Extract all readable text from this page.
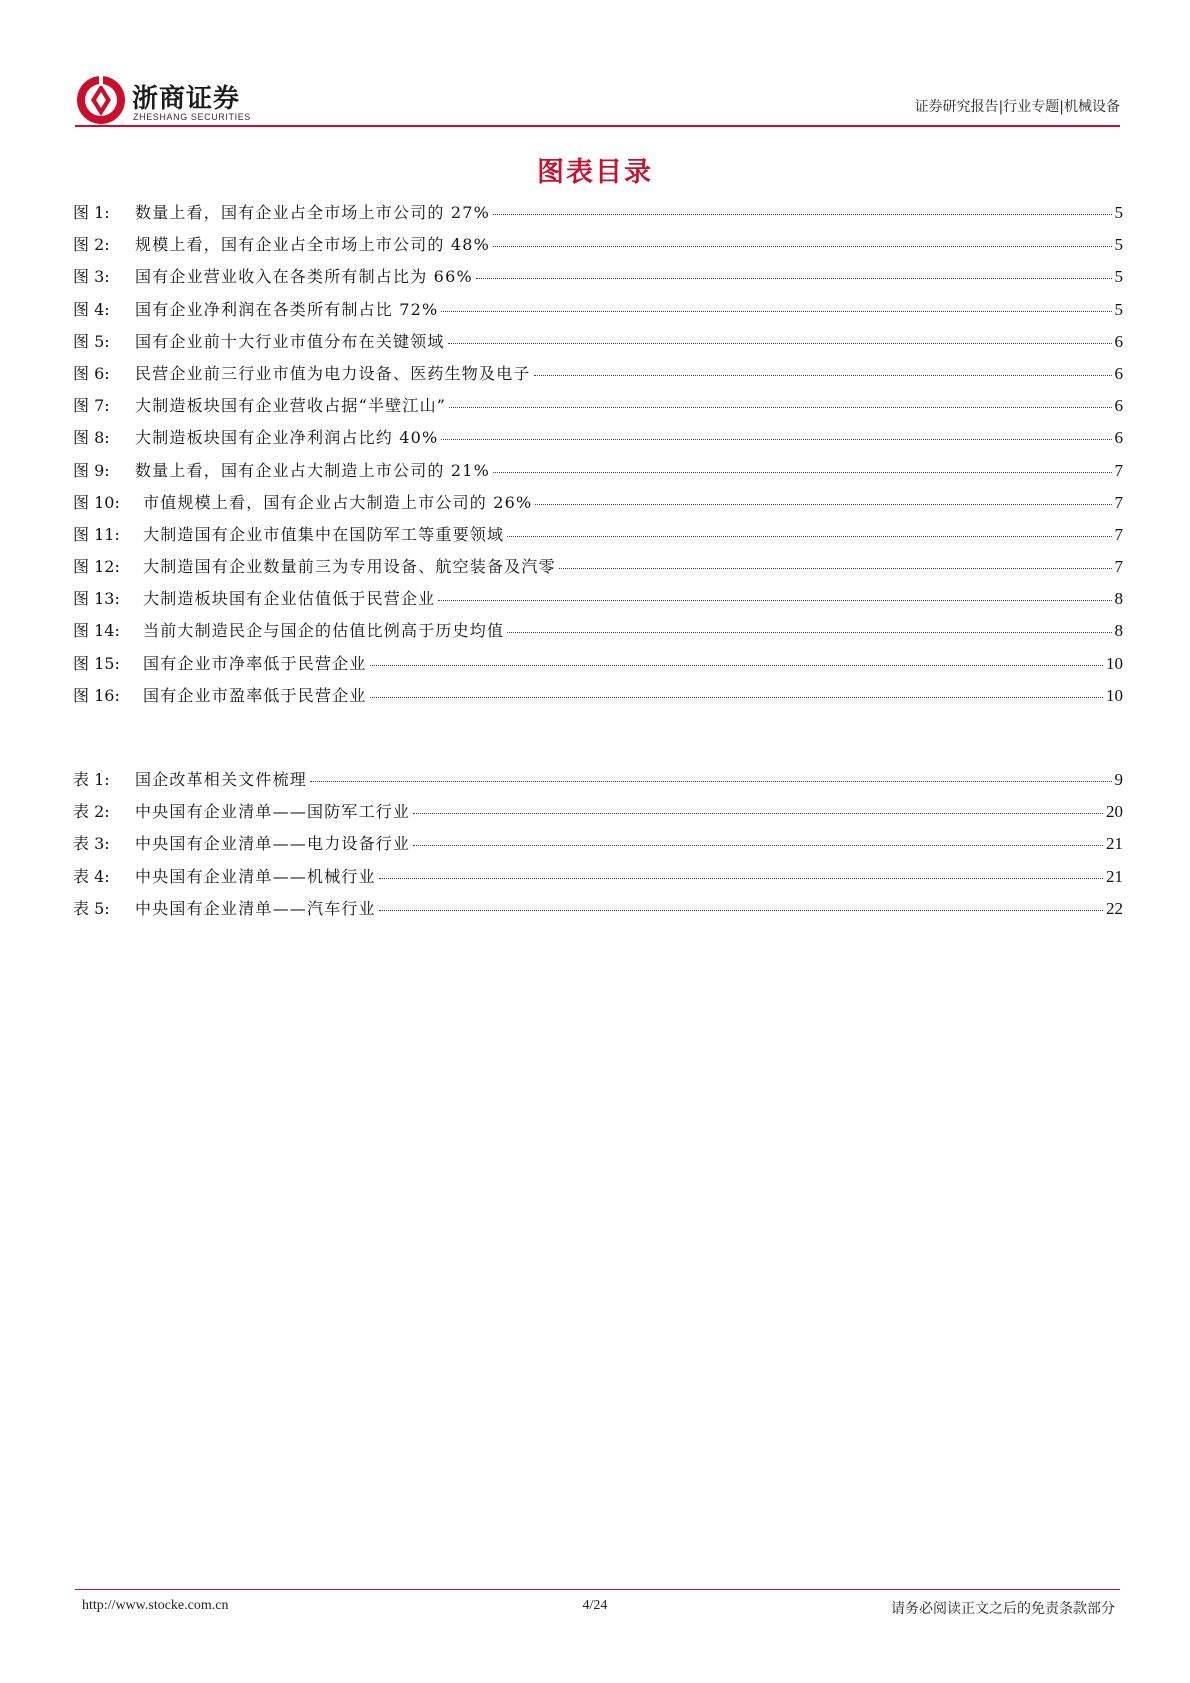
浙商证券
ZHESHANG SECURITIES
证券研究报告|行业专题|机械设备
图表目录
图 1:	数量上看，国有企业占全市场上市公司的 27%	5
图 2:	规模上看，国有企业占全市场上市公司的 48%	5
图 3:	国有企业营业收入在各类所有制占比为 66%	5
图 4:	国有企业净利润在各类所有制占比 72%	5
图 5:	国有企业前十大行业市值分布在关键领域	6
图 6:	民营企业前三行业市值为电力设备、医药生物及电子	6
图 7:	大制造板块国有企业营收占据“半壁江山”	6
图 8:	大制造板块国有企业净利润占比约 40%	6
图 9:	数量上看，国有企业占大制造上市公司的 21%	7
图 10:	市值规模上看，国有企业占大制造上市公司的 26%	7
图 11:	大制造国有企业市值集中在国防军工等重要领域	7
图 12:	大制造国有企业数量前三为专用设备、航空装备及汽零	7
图 13:	大制造板块国有企业估值低于民营企业	8
图 14:	当前大制造民企与国企的估值比例高于历史均值	8
图 15:	国有企业市净率低于民营企业	10
图 16:	国有企业市盈率低于民营企业	10
表 1:	国企改革相关文件梳理	9
表 2:	中央国有企业清单——国防军工行业	20
表 3:	中央国有企业清单——电力设备行业	21
表 4:	中央国有企业清单——机械行业	21
表 5:	中央国有企业清单——汽车行业	22
http://www.stocke.com.cn	4/24	请务必阅读正文之后的免责条款部分
